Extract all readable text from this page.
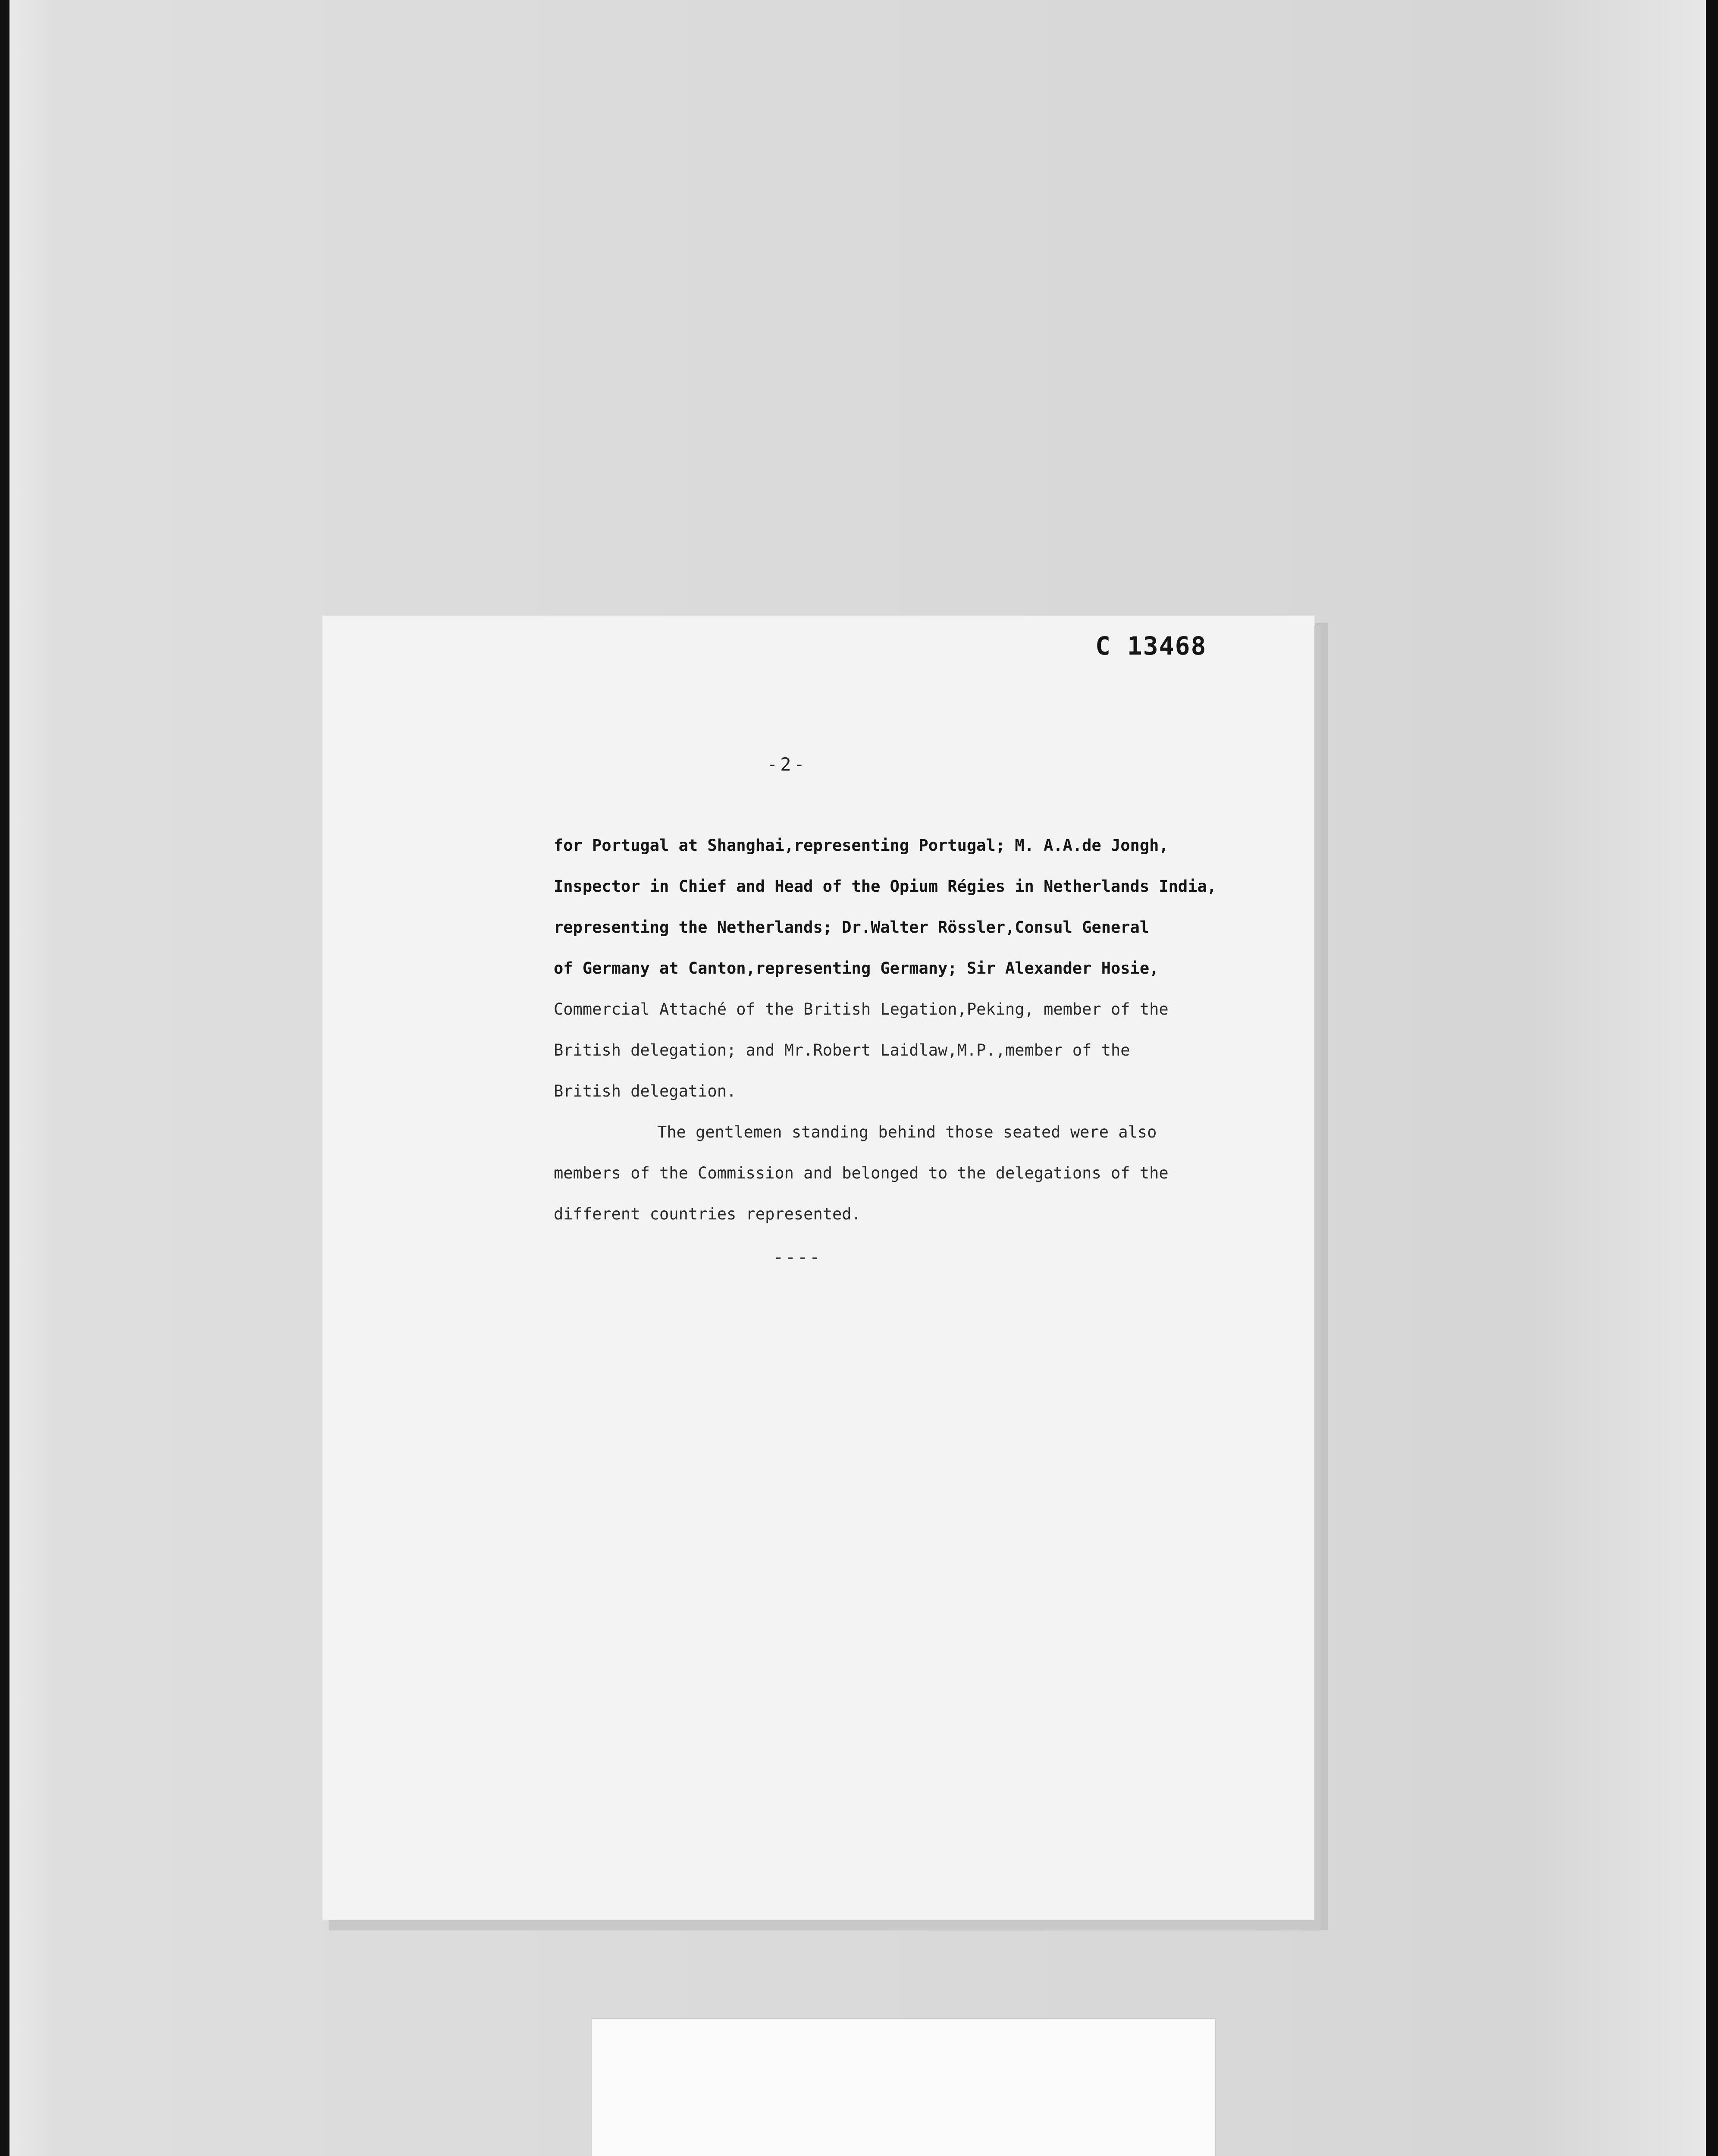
C 13468

-2-

for Portugal at Shanghai,representing Portugal; M. A.A.de Jongh,
Inspector in Chief and Head of the Opium Régies in Netherlands India,
representing the Netherlands; Dr.Walter Rössler,Consul General
of Germany at Canton,representing Germany; Sir Alexander Hosie,
Commercial Attaché of the British Legation,Peking, member of the
British delegation; and Mr.Robert Laidlaw,M.P.,member of the
British delegation.
The gentlemen standing behind those seated were also
members of the Commission and belonged to the delegations of the
different countries represented.

----
